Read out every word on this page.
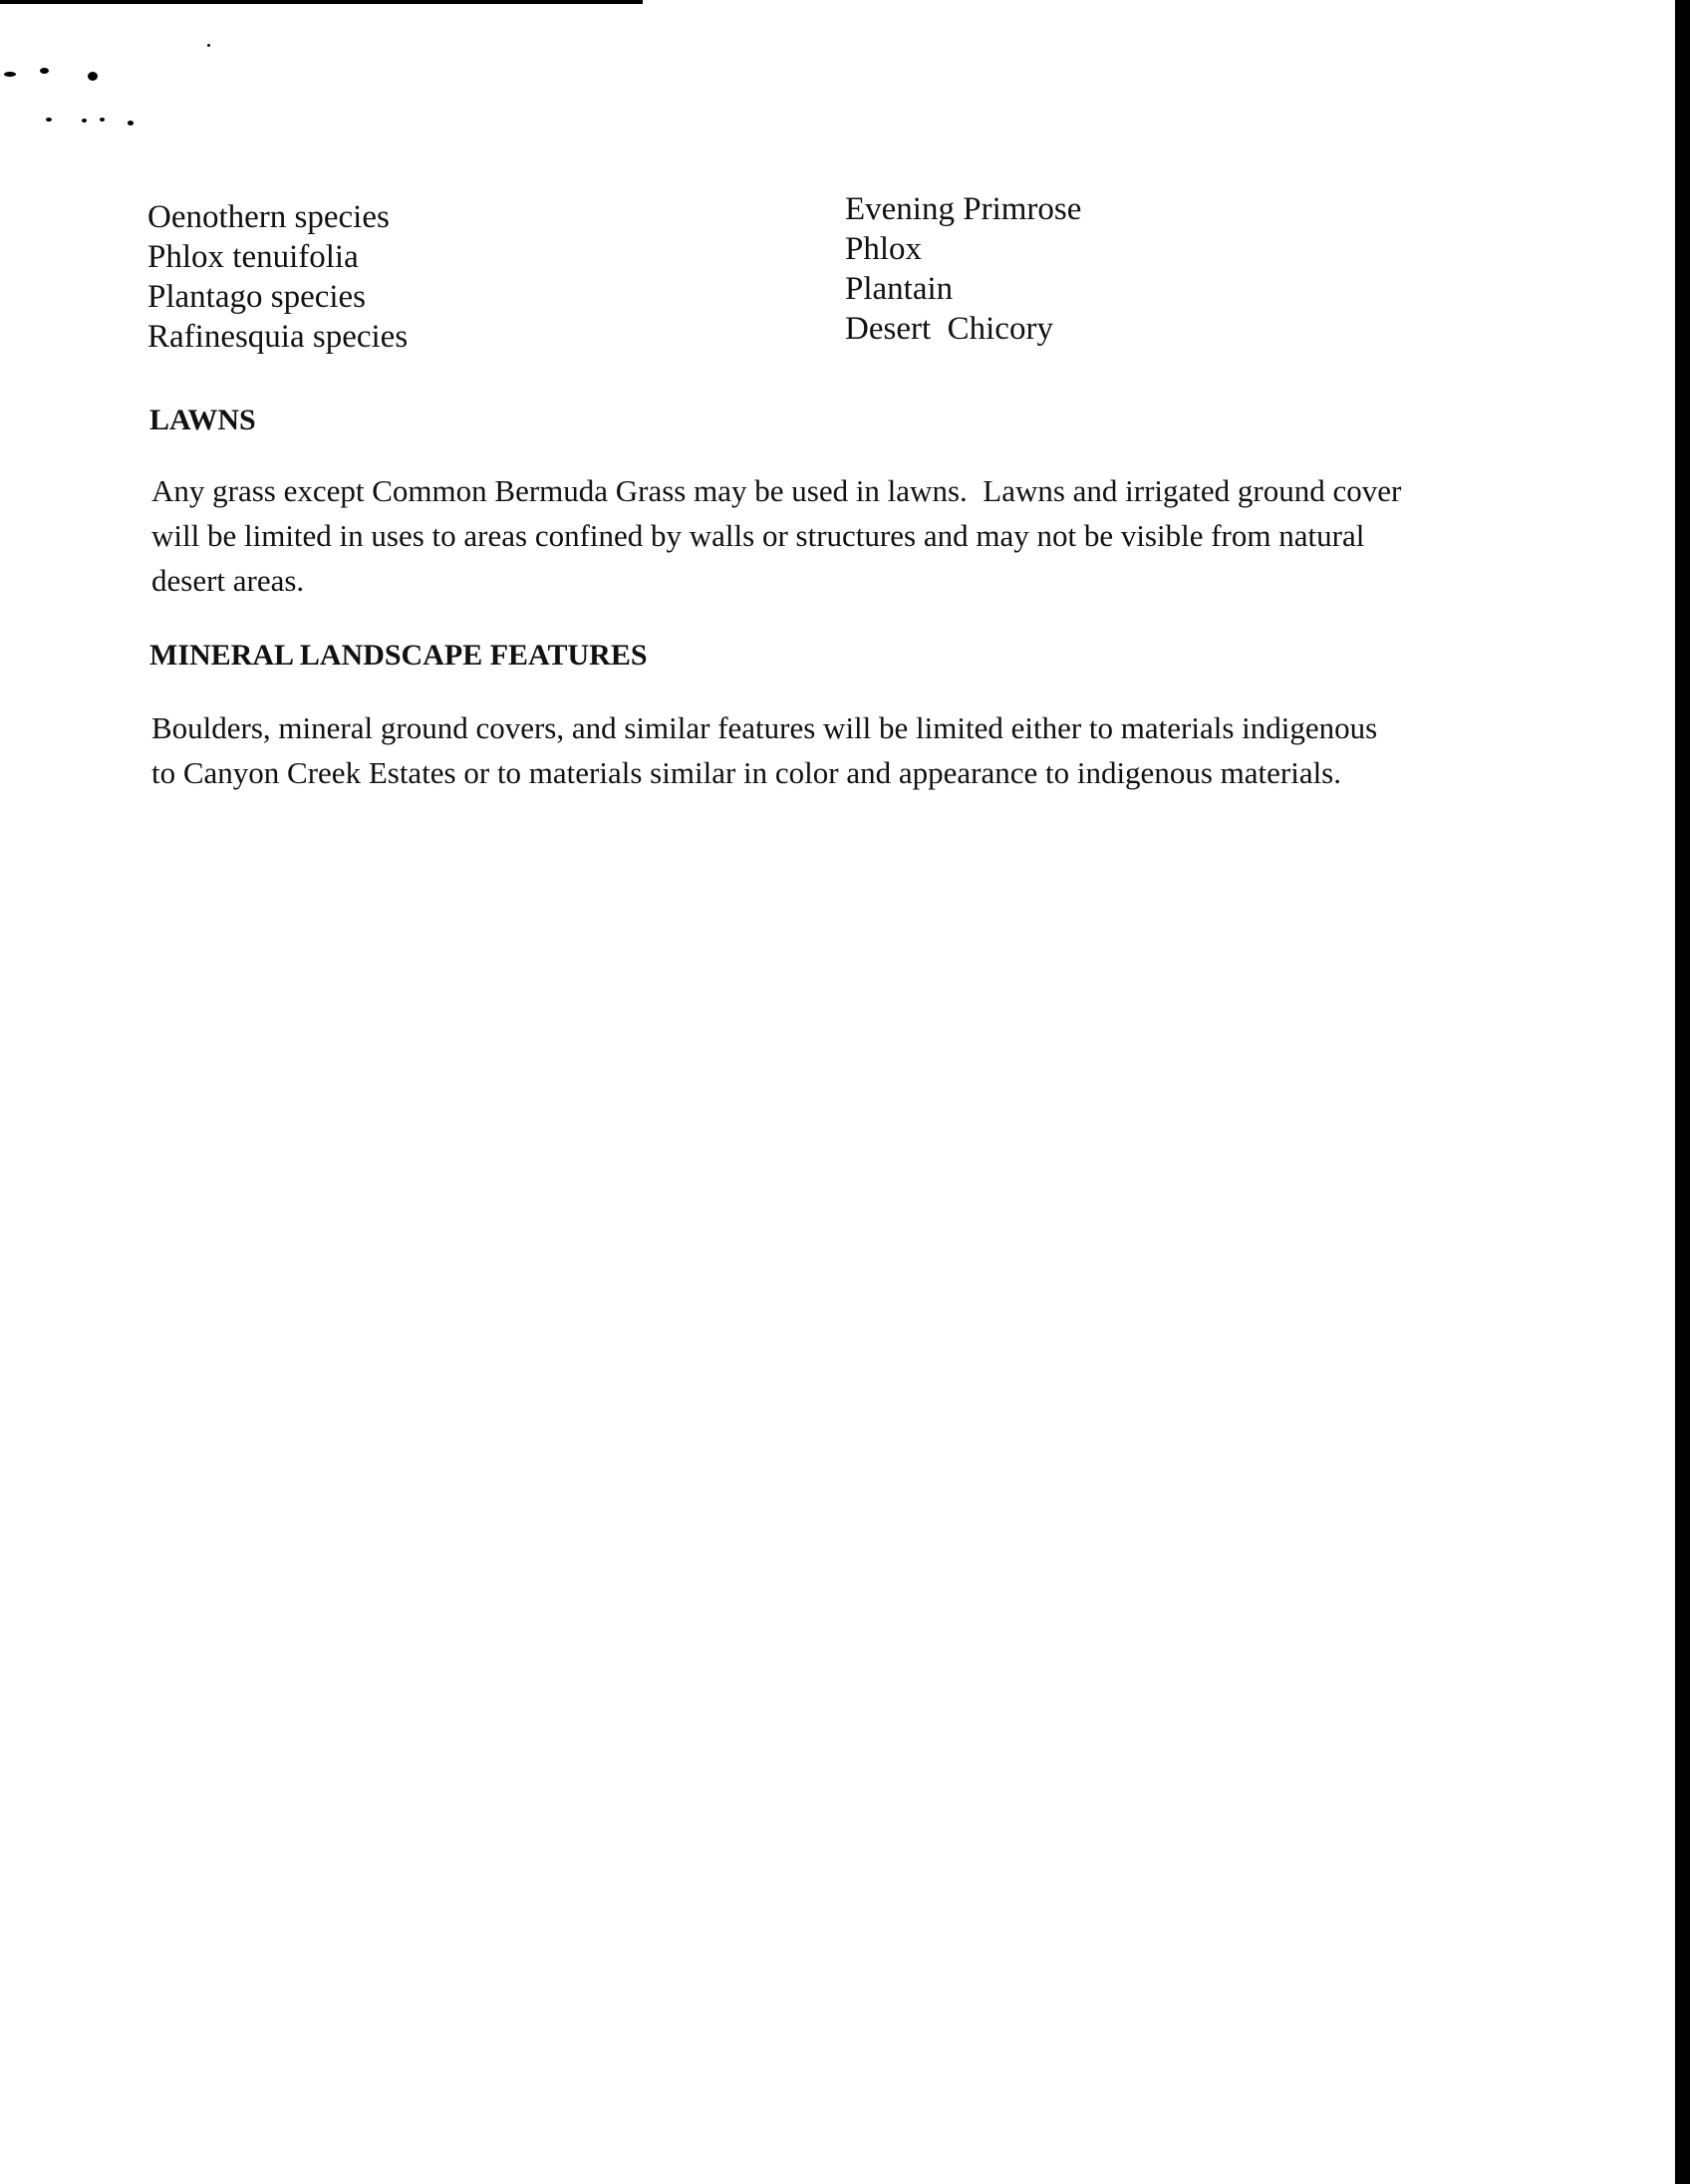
Oenothern species	Evening Primrose
Phlox tenuifolia	Phlox
Plantago species	Plantain
Rafinesquia species	Desert  Chicory
LAWNS
Any grass except Common Bermuda Grass may be used in lawns.  Lawns and irrigated ground cover
will be limited in uses to areas confined by walls or structures and may not be visible from natural
desert areas.
MINERAL LANDSCAPE FEATURES
Boulders, mineral ground covers, and similar features will be limited either to materials indigenous
to Canyon Creek Estates or to materials similar in color and appearance to indigenous materials.
